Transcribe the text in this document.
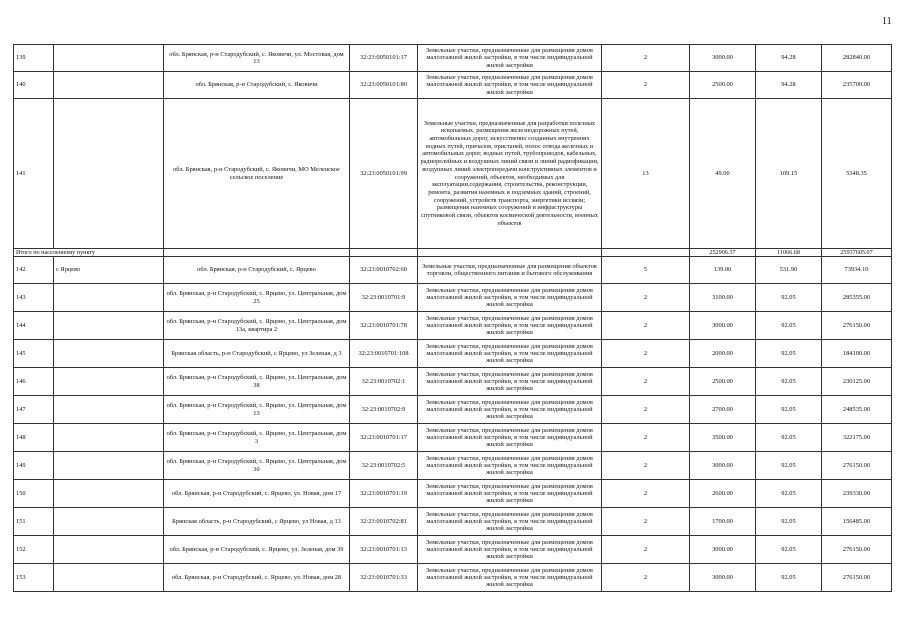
11
139		обл. Брянская, р-н Стародубский, с. Яковичи, ул. Мостовая, дом 13	32:23:0050101:17	Земельные участки, предназначенные для размещения домов малоэтажной жилой застройки, в том числе индивидуальной жилой застройки	2	3000.00	94.28	282840.00
140		обл. Брянская, р-н Стародубский, с. Яковичи	32:23:0050101:80	Земельные участки, предназначенные для размещения домов малоэтажной жилой застройки, в том числе индивидуальной жилой застройки	2	2500.00	94.28	235700.00
141		обл. Брянская, р-н Стародубский, с. Яковичи, МО Меленское сельское поселение	32:23:0050101:99	Земельные участки, предназначенные для разработки полезных ископаемых, размещения железнодорожных путей, автомобильных дорог, искусственно созданных внутренних водных путей, причалов, пристаней, полос отвода железных и автомобильных дорог, водных путей, трубопроводов, кабельных, радиорелейных и воздушных линий связи и линий радиофикации, воздушных линий электропередачи конструктивных элементов и сооружений, объектов, необходимых для эксплуатации,содержания, строительства, реконструкции, ремонта, развития наземных и подземных зданий, строений, сооружений, устройств транспорта, энергетики иссвязи; размещения наземных сооружений и инфраструктуры спутниковой связи, объектов космической деятельности, военных объектов	13	49.00	109.15	5348.35
Итого по населенному пункту						252906.37	11066.68	25937605.07
142	с Ярцево	обл. Брянская, р-н Стародубский, с. Ярцево	32:23:0010702:60	Земельные участки, предназначенные для размещения объектов торговли, общественного питания и бытового обслуживания	5	139.00	531.90	73934.10
143		обл. Брянская, р-н Стародубский, с. Ярцево, ул. Центральная, дом 25	32:23:0010701:9	Земельные участки, предназначенные для размещения домов малоэтажной жилой застройки, в том числе индивидуальной жилой застройки	2	3100.00	92.05	285355.00
144		обл. Брянская, р-н Стародубский, с. Ярцево, ул. Центральная, дом 13а, квартира 2	32:23:0010701:78	Земельные участки, предназначенные для размещения домов малоэтажной жилой застройки, в том числе индивидуальной жилой застройки	2	3000.00	92.05	276150.00
145		Брянская область, р-н Стародубский, с Ярцево, ул Зеленая, д 3	32:23:0010701:108	Земельные участки, предназначенные для размещения домов малоэтажной жилой застройки, в том числе индивидуальной жилой застройки	2	2000.00	92.05	184100.00
146		обл. Брянская, р-н Стародубский, с. Ярцево, ул. Центральная, дом 38	32:23:0010702:1	Земельные участки, предназначенные для размещения домов малоэтажной жилой застройки, в том числе индивидуальной жилой застройки	2	2500.00	92.05	230125.00
147		обл. Брянская, р-н Стародубский, с. Ярцево, ул. Центральная, дом 13	32:23:0010702:9	Земельные участки, предназначенные для размещения домов малоэтажной жилой застройки, в том числе индивидуальной жилой застройки	2	2700.00	92.05	248535.00
148		обл. Брянская, р-н Стародубский, с. Ярцево, ул. Центральная, дом 3	32:23:0010701:17	Земельные участки, предназначенные для размещения домов малоэтажной жилой застройки, в том числе индивидуальной жилой застройки	2	3500.00	92.05	322175.00
149		обл. Брянская, р-н Стародубский, с. Ярцево, ул. Центральная, дом 30	32:23:0010702:5	Земельные участки, предназначенные для размещения домов малоэтажной жилой застройки, в том числе индивидуальной жилой застройки	2	3000.00	92.05	276150.00
150		обл. Брянская, р-н Стародубский, с. Ярцево, ул. Новая, дом 17	32:23:0010701:19	Земельные участки, предназначенные для размещения домов малоэтажной жилой застройки, в том числе индивидуальной жилой застройки	2	2600.00	92.05	239330.00
151		Брянская область, р-н Стародубский, с Ярцево, ул Новая, д 13	32:23:0010702:81	Земельные участки, предназначенные для размещения домов малоэтажной жилой застройки, в том числе индивидуальной жилой застройки	2	1700.00	92.05	156485.00
152		обл. Брянская, р-н Стародубский, с. Ярцево, ул. Зеленая, дом 39	32:23:0010701:13	Земельные участки, предназначенные для размещения домов малоэтажной жилой застройки, в том числе индивидуальной жилой застройки	2	3000.00	92.05	276150.00
153		обл. Брянская, р-н Стародубский, с. Ярцево, ул. Новая, дом 28	32:23:0010701:33	Земельные участки, предназначенные для размещения домов малоэтажной жилой застройки, в том числе индивидуальной жилой застройки	2	3000.00	92.05	276150.00
